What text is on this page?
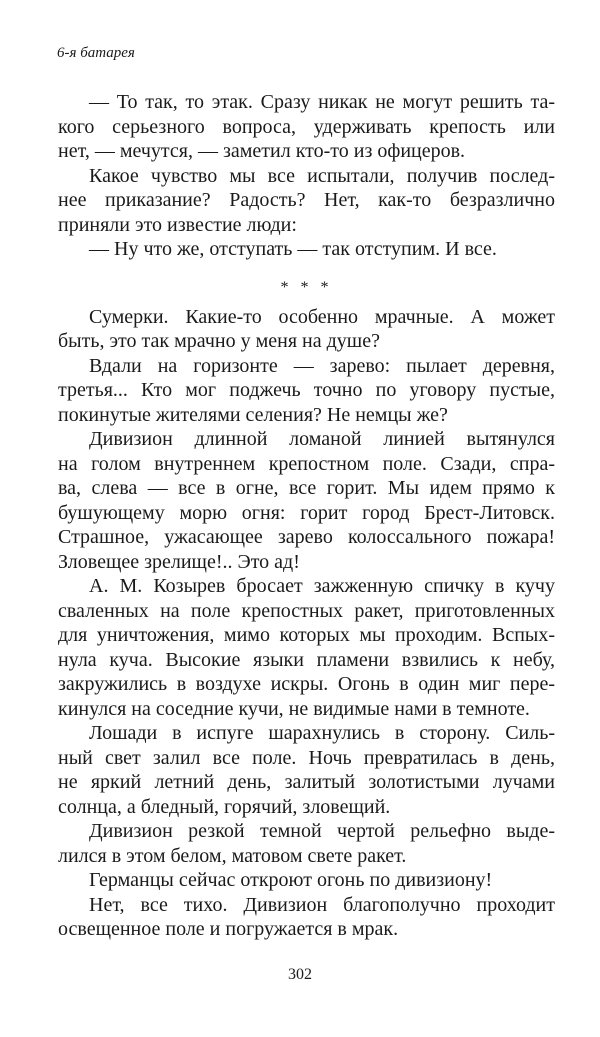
6-я батарея
— То так, то этак. Сразу никак не могут решить та-
кого серьезного вопроса, удерживать крепость или
нет, — мечутся, — заметил кто-то из офицеров.
Какое чувство мы все испытали, получив послед-
нее приказание? Радость? Нет, как-то безразлично
приняли это известие люди:
— Ну что же, отступать — так отступим. И все.
* * *
Сумерки. Какие-то особенно мрачные. А может
быть, это так мрачно у меня на душе?
Вдали на горизонте — зарево: пылает деревня,
третья... Кто мог поджечь точно по уговору пустые,
покинутые жителями селения? Не немцы же?
Дивизион длинной ломаной линией вытянулся
на голом внутреннем крепостном поле. Сзади, спра-
ва, слева — все в огне, все горит. Мы идем прямо к
бушующему морю огня: горит город Брест-Литовск.
Страшное, ужасающее зарево колоссального пожара!
Зловещее зрелище!.. Это ад!
А. М. Козырев бросает зажженную спичку в кучу
сваленных на поле крепостных ракет, приготовленных
для уничтожения, мимо которых мы проходим. Вспых-
нула куча. Высокие языки пламени взвились к небу,
закружились в воздухе искры. Огонь в один миг пере-
кинулся на соседние кучи, не видимые нами в темноте.
Лошади в испуге шарахнулись в сторону. Силь-
ный свет залил все поле. Ночь превратилась в день,
не яркий летний день, залитый золотистыми лучами
солнца, а бледный, горячий, зловещий.
Дивизион резкой темной чертой рельефно выде-
лился в этом белом, матовом свете ракет.
Германцы сейчас откроют огонь по дивизиону!
Нет, все тихо. Дивизион благополучно проходит
освещенное поле и погружается в мрак.
302
